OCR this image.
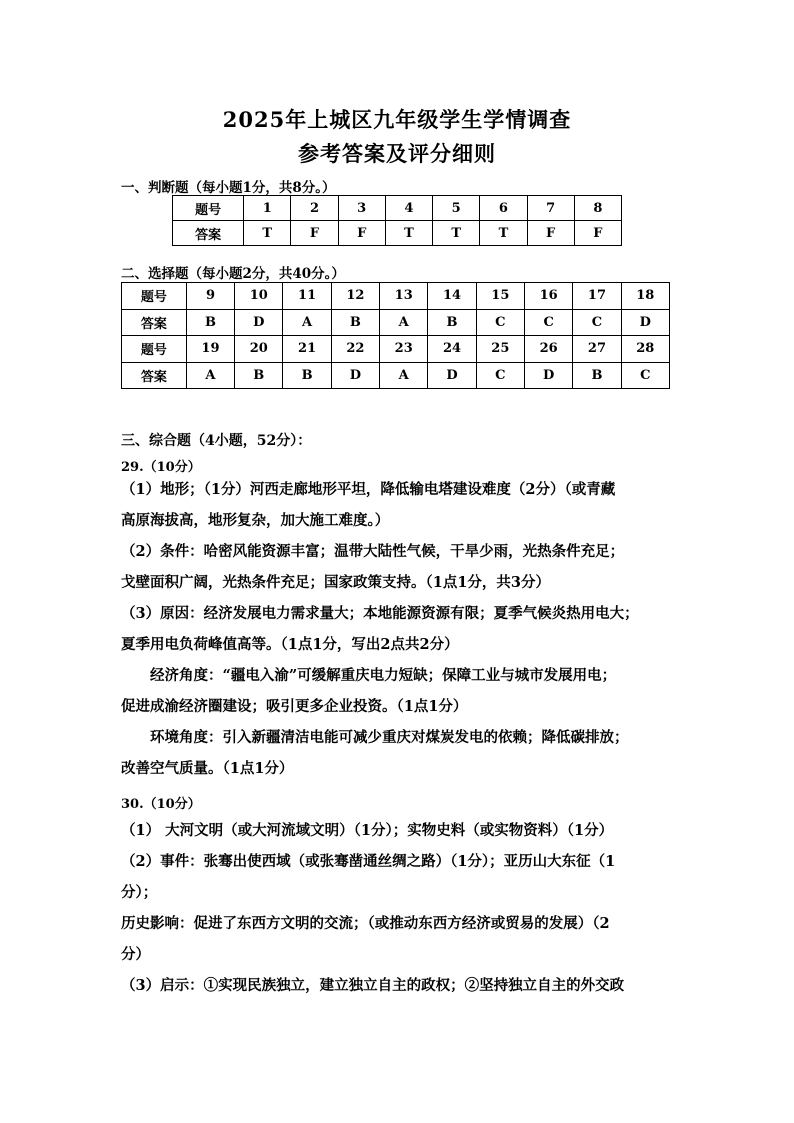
2025年上城区九年级学生学情调查
参考答案及评分细则
一、判断题（每小题1分，共8分。）
题号	1	2	3	4	5	6	7	8
答案	T	F	F	T	T	T	F	F
二、选择题（每小题2分，共40分。）
题号	9	10	11	12	13	14	15	16	17	18
答案	B	D	A	B	A	B	C	C	C	D
题号	19	20	21	22	23	24	25	26	27	28
答案	A	B	B	D	A	D	C	D	B	C
三、综合题（4小题，52分）：
29.（10分）
（1）地形；（1分）河西走廊地形平坦，降低输电塔建设难度（2分）（或青藏
高原海拔高，地形复杂，加大施工难度。）
（2）条件：哈密风能资源丰富；温带大陆性气候，干旱少雨，光热条件充足；
戈壁面积广阔，光热条件充足；国家政策支持。（1点1分，共3分）
（3）原因：经济发展电力需求量大；本地能源资源有限；夏季气候炎热用电大；
夏季用电负荷峰值高等。（1点1分，写出2点共2分）
经济角度：“疆电入渝”可缓解重庆电力短缺；保障工业与城市发展用电；
促进成渝经济圈建设；吸引更多企业投资。（1点1分）
环境角度：引入新疆清洁电能可减少重庆对煤炭发电的依赖；降低碳排放；
改善空气质量。（1点1分）
30.（10分）
（1） 大河文明（或大河流域文明）（1分）；实物史料（或实物资料）（1分）
（2）事件：张骞出使西域（或张骞凿通丝绸之路）（1分）；亚历山大东征（1
分）；
历史影响：促进了东西方文明的交流；（或推动东西方经济或贸易的发展）（2
分）
（3）启示：①实现民族独立，建立独立自主的政权；②坚持独立自主的外交政
